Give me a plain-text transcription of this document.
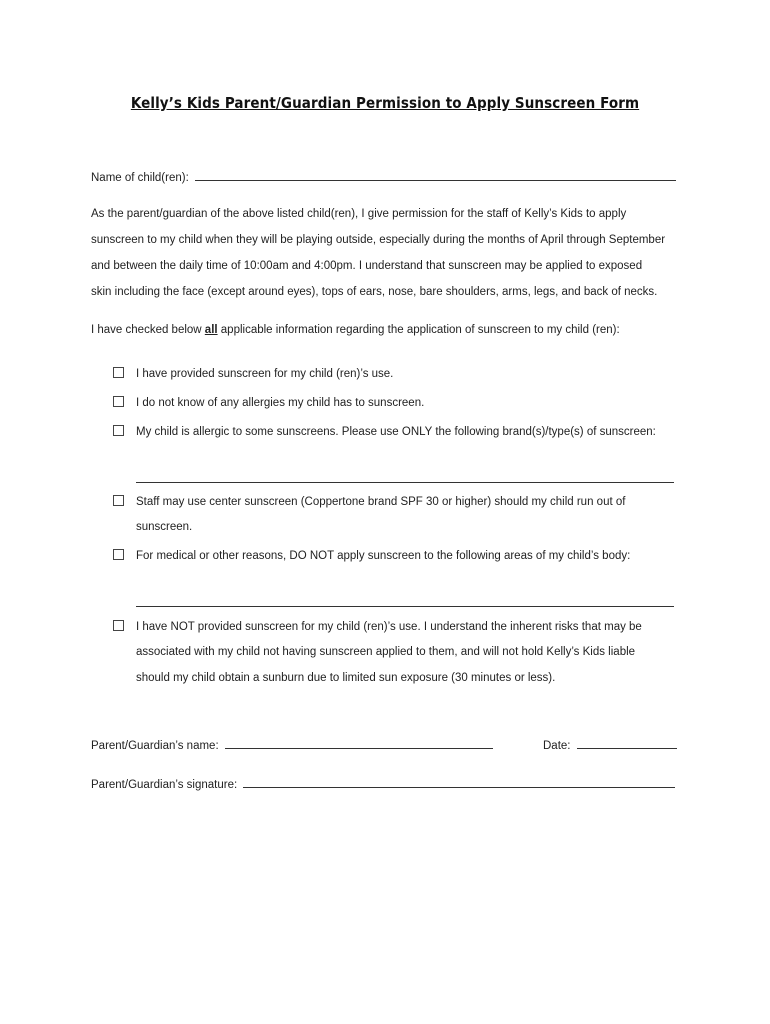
Kelly’s Kids Parent/Guardian Permission to Apply Sunscreen Form
Name of child(ren):
As the parent/guardian of the above listed child(ren), I give permission for the staff of Kelly’s Kids to apply
sunscreen to my child when they will be playing outside, especially during the months of April through September
and between the daily time of 10:00am and 4:00pm. I understand that sunscreen may be applied to exposed
skin including the face (except around eyes), tops of ears, nose, bare shoulders, arms, legs, and back of necks.
I have checked below all applicable information regarding the application of sunscreen to my child (ren):
I have provided sunscreen for my child (ren)’s use.
I do not know of any allergies my child has to sunscreen.
My child is allergic to some sunscreens. Please use ONLY the following brand(s)/type(s) of sunscreen:
Staff may use center sunscreen (Coppertone brand SPF 30 or higher) should my child run out of
sunscreen.
For medical or other reasons, DO NOT apply sunscreen to the following areas of my child’s body:
I have NOT provided sunscreen for my child (ren)’s use. I understand the inherent risks that may be
associated with my child not having sunscreen applied to them, and will not hold Kelly’s Kids liable
should my child obtain a sunburn due to limited sun exposure (30 minutes or less).
Parent/Guardian’s name:	Date:
Parent/Guardian’s signature:
